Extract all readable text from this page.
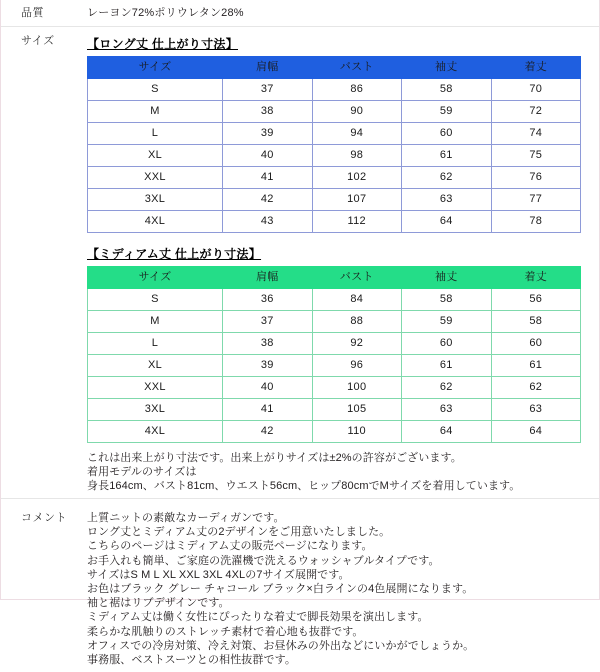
品質	レーヨン72%ポリウレタン28%
サイズ	【ロング丈 仕上がり寸法】
サイズ	肩幅	バスト	袖丈	着丈
S	37	86	58	70
M	38	90	59	72
L	39	94	60	74
XL	40	98	61	75
XXL	41	102	62	76
3XL	42	107	63	77
4XL	43	112	64	78
【ミディアム丈 仕上がり寸法】
サイズ	肩幅	バスト	袖丈	着丈
S	36	84	58	56
M	37	88	59	58
L	38	92	60	60
XL	39	96	61	61
XXL	40	100	62	62
3XL	41	105	63	63
4XL	42	110	64	64
これは出来上がり寸法です。出来上がりサイズは±2%の許容がございます。
着用モデルのサイズは
身長164cm、バスト81cm、ウエスト56cm、ヒップ80cmでMサイズを着用しています。
コメント	上質ニットの素敵なカーディガンです。
ロング丈とミディアム丈の2デザインをご用意いたしました。
こちらのページはミディアム丈の販売ページになります。
お手入れも簡単、ご家庭の洗濯機で洗えるウォッシャブルタイプです。
サイズはS M L XL XXL 3XL 4XLの7サイズ展開です。
お色はブラック グレー チャコール ブラック×白ラインの4色展開になります。
袖と裾はリブデザインです。
ミディアム丈は働く女性にぴったりな着丈で脚長効果を演出します。
柔らかな肌触りのストレッチ素材で着心地も抜群です。
オフィスでの冷房対策、冷え対策、お昼休みの外出などにいかがでしょうか。
事務服、ベストスーツとの相性抜群です。
